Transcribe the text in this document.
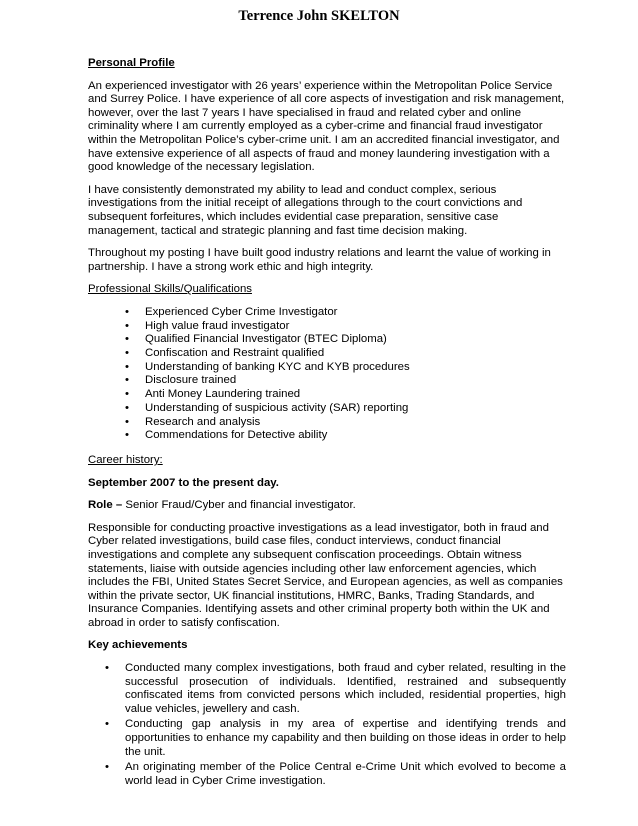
Terrence John SKELTON
Personal Profile

An experienced investigator with 26 years’ experience within the Metropolitan Police Service and Surrey Police. I have experience of all core aspects of investigation and risk management, however, over the last 7 years I have specialised in fraud and related cyber and online criminality where I am currently employed as a cyber-crime and financial fraud investigator within the Metropolitan Police’s cyber-crime unit. I am an accredited financial investigator, and have extensive experience of all aspects of fraud and money laundering investigation with a good knowledge of the necessary legislation.

I have consistently demonstrated my ability to lead and conduct complex, serious investigations from the initial receipt of allegations through to the court convictions and subsequent forfeitures, which includes evidential case preparation, sensitive case management, tactical and strategic planning and fast time decision making.

Throughout my posting I have built good industry relations and learnt the value of working in partnership. I have a strong work ethic and high integrity.

Professional Skills/Qualifications
• Experienced Cyber Crime Investigator
• High value fraud investigator
• Qualified Financial Investigator (BTEC Diploma)
• Confiscation and Restraint qualified
• Understanding of banking KYC and KYB procedures
• Disclosure trained
• Anti Money Laundering trained
• Understanding of suspicious activity (SAR) reporting
• Research and analysis
• Commendations for Detective ability
Career history:

September 2007 to the present day.

Role – Senior Fraud/Cyber and financial investigator.

Responsible for conducting proactive investigations as a lead investigator, both in fraud and Cyber related investigations, build case files, conduct interviews, conduct financial investigations and complete any subsequent confiscation proceedings. Obtain witness statements, liaise with outside agencies including other law enforcement agencies, which includes the FBI, United States Secret Service, and European agencies, as well as companies within the private sector, UK financial institutions, HMRC, Banks, Trading Standards, and Insurance Companies. Identifying assets and other criminal property both within the UK and abroad in order to satisfy confiscation.

Key achievements

• Conducted many complex investigations, both fraud and cyber related, resulting in the successful prosecution of individuals. Identified, restrained and subsequently confiscated items from convicted persons which included, residential properties, high value vehicles, jewellery and cash.
• Conducting gap analysis in my area of expertise and identifying trends and opportunities to enhance my capability and then building on those ideas in order to help the unit.
• An originating member of the Police Central e-Crime Unit which evolved to become a world lead in Cyber Crime investigation.
